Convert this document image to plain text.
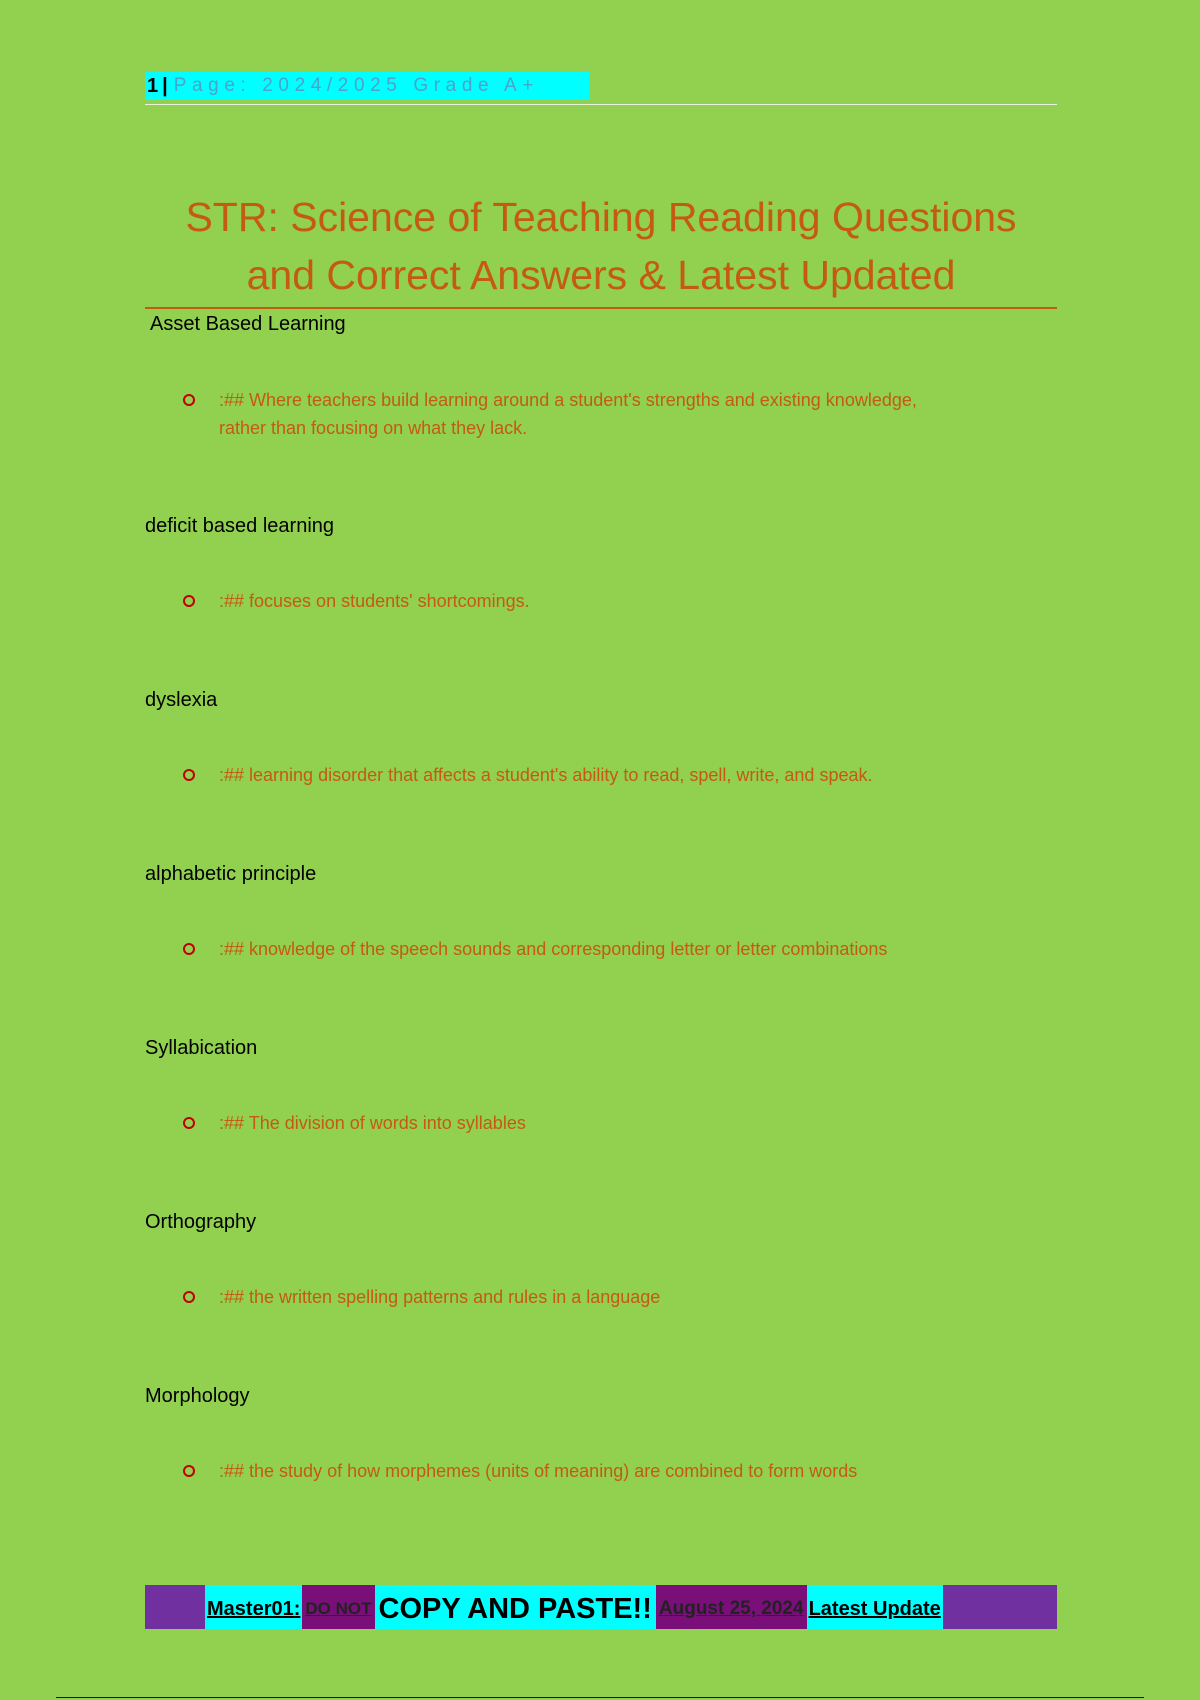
1 | Page: 2024/2025 Grade A+
STR: Science of Teaching Reading Questions
and Correct Answers & Latest Updated

Asset Based Learning

:## Where teachers build learning around a student's strengths and existing knowledge,
rather than focusing on what they lack.

deficit based learning

:## focuses on students' shortcomings.

dyslexia

:## learning disorder that affects a student's ability to read, spell, write, and speak.

alphabetic principle

:## knowledge of the speech sounds and corresponding letter or letter combinations

Syllabication

:## The division of words into syllables

Orthography

:## the written spelling patterns and rules in a language

Morphology

:## the study of how morphemes (units of meaning) are combined to form words
Master01: DO NOT COPY AND PASTE!! August 25, 2024 Latest Update
